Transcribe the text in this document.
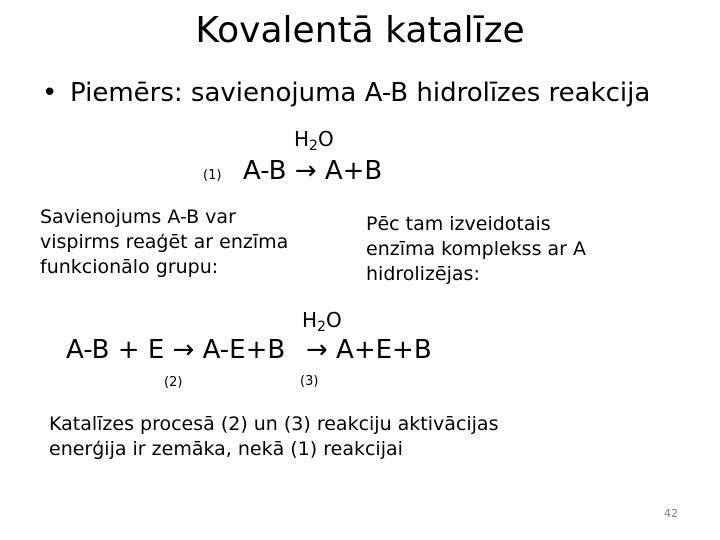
Kovalentā katalīze
• Piemērs: savienojuma A-B hidrolīzes reakcija
$H_2O$
(1) A-B → A+B
Savienojums A-B var vispirms reaģēt ar enzīma funkcionālo grupu:
Pēc tam izveidotais enzīma komplekss ar A hidrolizējas:
$H_2O$
A-B + E → A-E+B → A+E+B
(2)	(3)
Katalīzes procesā (2) un (3) reakciju aktivācijas enerģija ir zemāka, nekā (1) reakcijai
42
